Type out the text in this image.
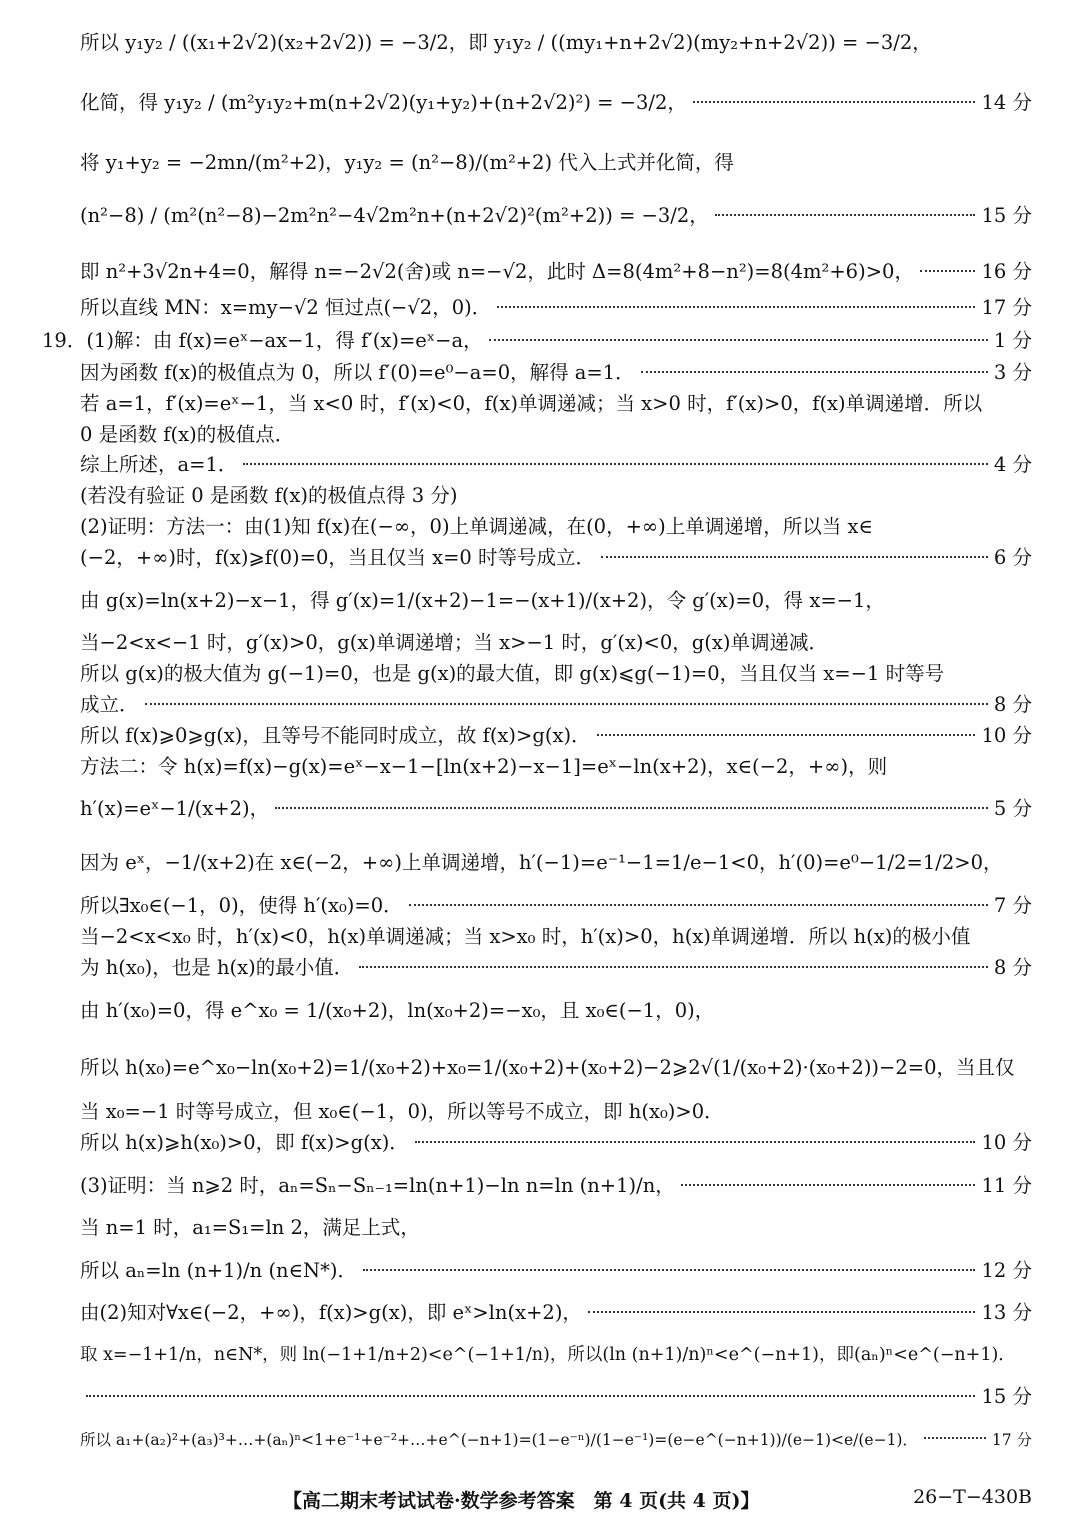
所以 y₁y₂ / ((x₁+2√2)(x₂+2√2)) = −3/2，即 y₁y₂ / ((my₁+n+2√2)(my₂+n+2√2)) = −3/2，
化简，得 y₁y₂ / (m²y₁y₂+m(n+2√2)(y₁+y₂)+(n+2√2)²) = −3/2，	14 分
将 y₁+y₂ = −2mn/(m²+2)，y₁y₂ = (n²−8)/(m²+2) 代入上式并化简，得
(n²−8) / (m²(n²−8)−2m²n²−4√2m²n+(n+2√2)²(m²+2)) = −3/2，	15 分
即 n²+3√2n+4=0，解得 n=−2√2(舍)或 n=−√2，此时 Δ=8(4m²+8−n²)=8(4m²+6)>0，	16 分
所以直线 MN：x=my−√2 恒过点(−√2，0)．	17 分
19．(1)解：由 f(x)=eˣ−ax−1，得 f′(x)=eˣ−a，	1 分
因为函数 f(x)的极值点为 0，所以 f′(0)=e⁰−a=0，解得 a=1．	3 分
若 a=1，f′(x)=eˣ−1，当 x<0 时，f′(x)<0，f(x)单调递减；当 x>0 时，f′(x)>0，f(x)单调递增．所以
0 是函数 f(x)的极值点．
综上所述，a=1．	4 分
(若没有验证 0 是函数 f(x)的极值点得 3 分)
(2)证明：方法一：由(1)知 f(x)在(−∞，0)上单调递减，在(0，+∞)上单调递增，所以当 x∈
(−2，+∞)时，f(x)⩾f(0)=0，当且仅当 x=0 时等号成立．	6 分
由 g(x)=ln(x+2)−x−1，得 g′(x)=1/(x+2)−1=−(x+1)/(x+2)，令 g′(x)=0，得 x=−1，
当−2<x<−1 时，g′(x)>0，g(x)单调递增；当 x>−1 时，g′(x)<0，g(x)单调递减．
所以 g(x)的极大值为 g(−1)=0，也是 g(x)的最大值，即 g(x)⩽g(−1)=0，当且仅当 x=−1 时等号
成立．	8 分
所以 f(x)⩾0⩾g(x)，且等号不能同时成立，故 f(x)>g(x)．	10 分
方法二：令 h(x)=f(x)−g(x)=eˣ−x−1−[ln(x+2)−x−1]=eˣ−ln(x+2)，x∈(−2，+∞)，则
h′(x)=eˣ−1/(x+2)，	5 分
因为 eˣ，−1/(x+2)在 x∈(−2，+∞)上单调递增，h′(−1)=e⁻¹−1=1/e−1<0，h′(0)=e⁰−1/2=1/2>0，
所以∃x₀∈(−1，0)，使得 h′(x₀)=0．	7 分
当−2<x<x₀ 时，h′(x)<0，h(x)单调递减；当 x>x₀ 时，h′(x)>0，h(x)单调递增．所以 h(x)的极小值
为 h(x₀)，也是 h(x)的最小值．	8 分
由 h′(x₀)=0，得 e^x₀ = 1/(x₀+2)，ln(x₀+2)=−x₀，且 x₀∈(−1，0)，
所以 h(x₀)=e^x₀−ln(x₀+2)=1/(x₀+2)+x₀=1/(x₀+2)+(x₀+2)−2⩾2√(1/(x₀+2)·(x₀+2))−2=0，当且仅
当 x₀=−1 时等号成立，但 x₀∈(−1，0)，所以等号不成立，即 h(x₀)>0．
所以 h(x)⩾h(x₀)>0，即 f(x)>g(x)．	10 分
(3)证明：当 n⩾2 时，aₙ=Sₙ−Sₙ₋₁=ln(n+1)−ln n=ln (n+1)/n，	11 分
当 n=1 时，a₁=S₁=ln 2，满足上式，
所以 aₙ=ln (n+1)/n (n∈N*)．	12 分
由(2)知对∀x∈(−2，+∞)，f(x)>g(x)，即 eˣ>ln(x+2)，	13 分
取 x=−1+1/n，n∈N*，则 ln(−1+1/n+2)<e^(−1+1/n)，所以(ln (n+1)/n)ⁿ<e^(−n+1)，即(aₙ)ⁿ<e^(−n+1)．
15 分
所以 a₁+(a₂)²+(a₃)³+…+(aₙ)ⁿ<1+e⁻¹+e⁻²+…+e^(−n+1)=(1−e⁻ⁿ)/(1−e⁻¹)=(e−e^(−n+1))/(e−1)<e/(e−1)．	17 分
【高二期末考试试卷·数学参考答案　第 4 页(共 4 页)】	26−T−430B
